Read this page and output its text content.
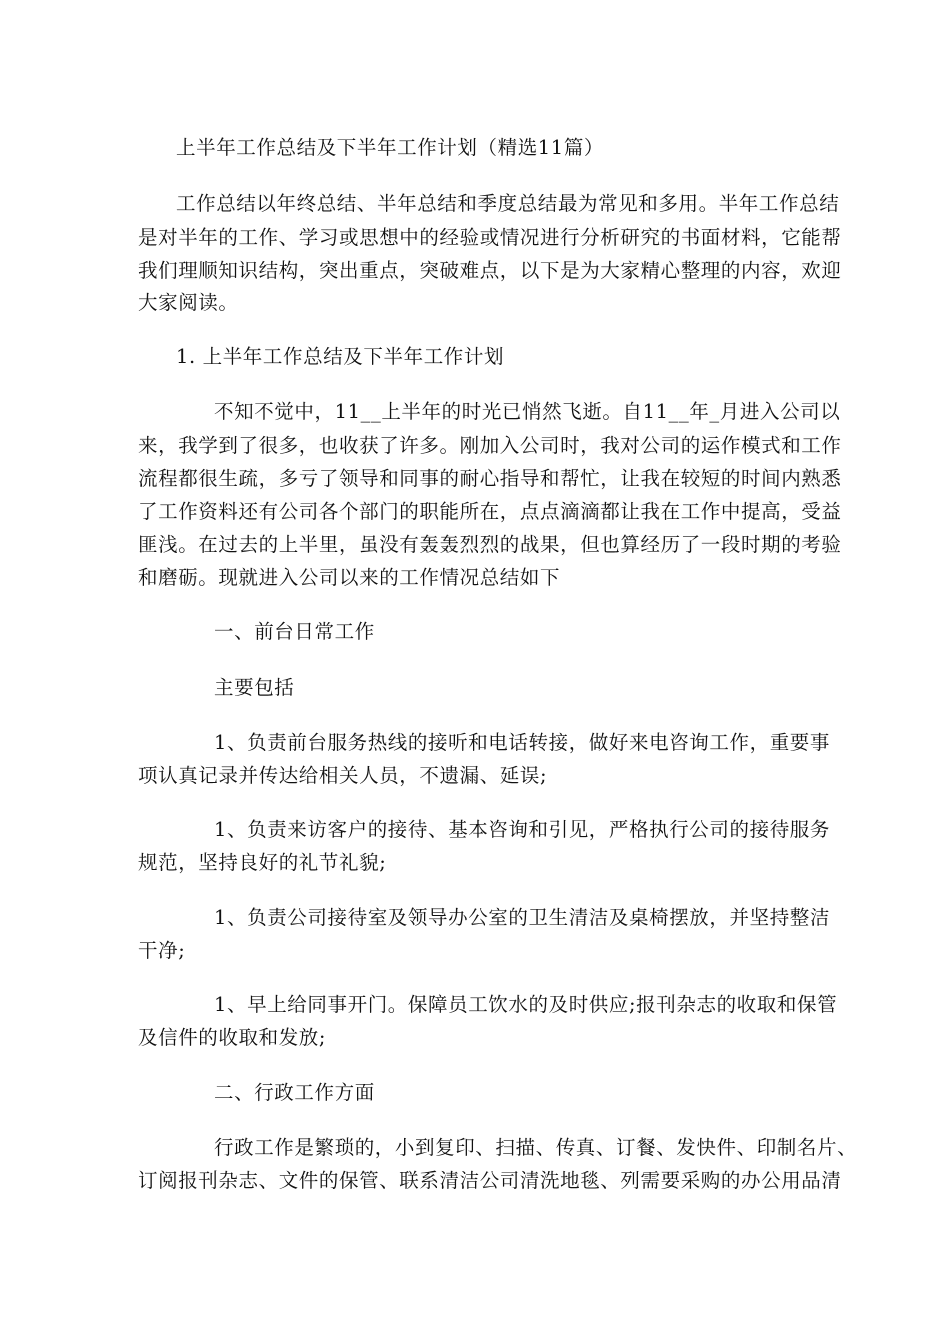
上半年工作总结及下半年工作计划（精选11篇）
工作总结以年终总结、半年总结和季度总结最为常见和多用。半年工作总结
是对半年的工作、学习或思想中的经验或情况进行分析研究的书面材料，它能帮
我们理顺知识结构，突出重点，突破难点，以下是为大家精心整理的内容，欢迎
大家阅读。
1. 上半年工作总结及下半年工作计划
不知不觉中，11__上半年的时光已悄然飞逝。自11__年_月进入公司以
来，我学到了很多，也收获了许多。刚加入公司时，我对公司的运作模式和工作
流程都很生疏，多亏了领导和同事的耐心指导和帮忙，让我在较短的时间内熟悉
了工作资料还有公司各个部门的职能所在，点点滴滴都让我在工作中提高，受益
匪浅。在过去的上半里，虽没有轰轰烈烈的战果，但也算经历了一段时期的考验
和磨砺。现就进入公司以来的工作情况总结如下
一、前台日常工作
主要包括
1、负责前台服务热线的接听和电话转接，做好来电咨询工作，重要事
项认真记录并传达给相关人员，不遗漏、延误;
1、负责来访客户的接待、基本咨询和引见，严格执行公司的接待服务
规范，坚持良好的礼节礼貌;
1、负责公司接待室及领导办公室的卫生清洁及桌椅摆放，并坚持整洁
干净;
1、早上给同事开门。保障员工饮水的及时供应;报刊杂志的收取和保管
及信件的收取和发放;
二、行政工作方面
行政工作是繁琐的，小到复印、扫描、传真、订餐、发快件、印制名片、
订阅报刊杂志、文件的保管、联系清洁公司清洗地毯、列需要采购的办公用品清
